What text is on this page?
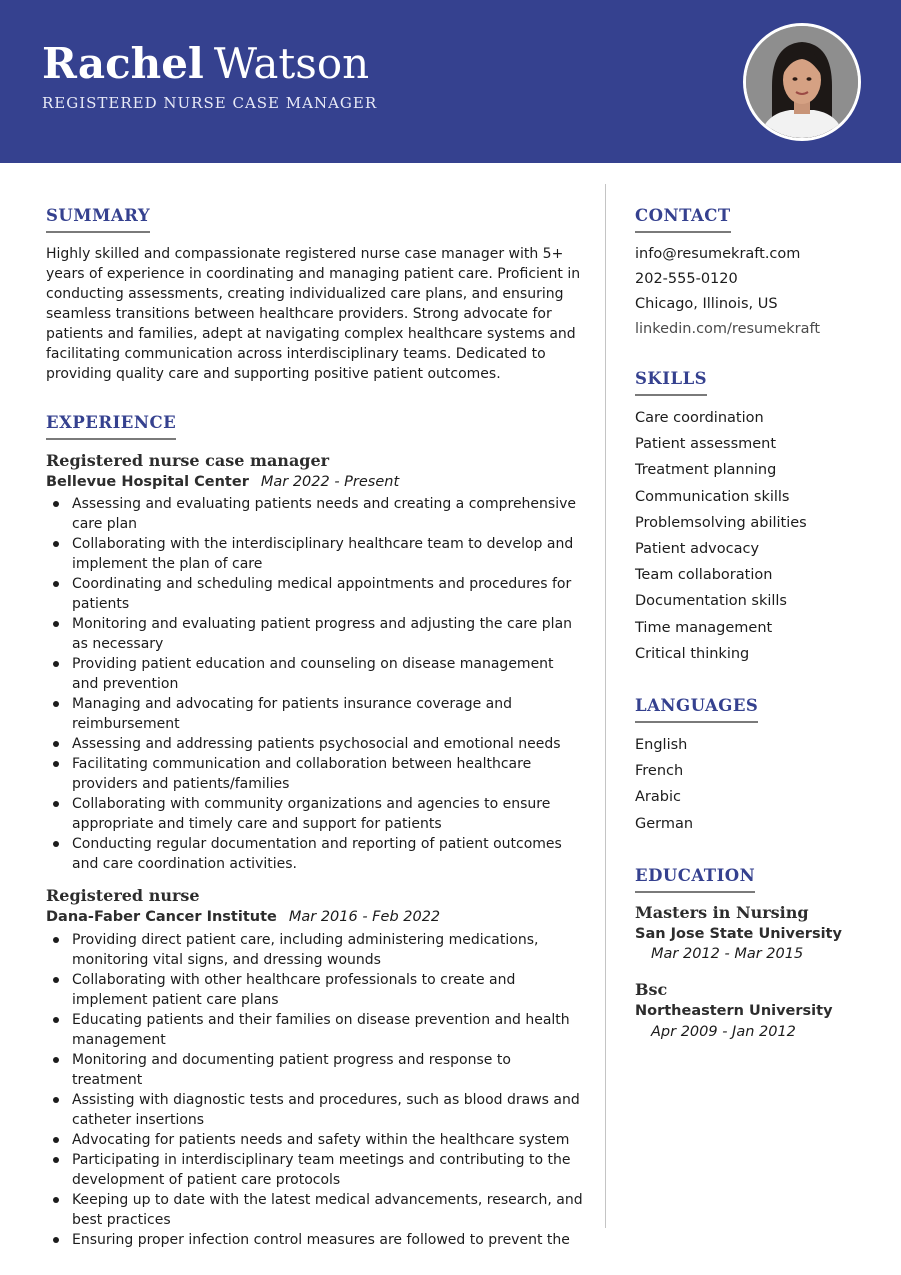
Rachel Watson
REGISTERED NURSE CASE MANAGER
SUMMARY

Highly skilled and compassionate registered nurse case manager with 5+ years of experience in coordinating and managing patient care. Proficient in conducting assessments, creating individualized care plans, and ensuring seamless transitions between healthcare providers. Strong advocate for patients and families, adept at navigating complex healthcare systems and facilitating communication across interdisciplinary teams. Dedicated to providing quality care and supporting positive patient outcomes.

EXPERIENCE
Registered nurse case manager
Bellevue Hospital Center Mar 2022 - Present
Assessing and evaluating patients needs and creating a comprehensive care plan
Collaborating with the interdisciplinary healthcare team to develop and implement the plan of care
Coordinating and scheduling medical appointments and procedures for patients
Monitoring and evaluating patient progress and adjusting the care plan as necessary
Providing patient education and counseling on disease management and prevention
Managing and advocating for patients insurance coverage and reimbursement
Assessing and addressing patients psychosocial and emotional needs
Facilitating communication and collaboration between healthcare providers and patients/families
Collaborating with community organizations and agencies to ensure appropriate and timely care and support for patients
Conducting regular documentation and reporting of patient outcomes and care coordination activities.
Registered nurse
Dana-Faber Cancer Institute Mar 2016 - Feb 2022
Providing direct patient care, including administering medications, monitoring vital signs, and dressing wounds
Collaborating with other healthcare professionals to create and implement patient care plans
Educating patients and their families on disease prevention and health management
Monitoring and documenting patient progress and response to treatment
Assisting with diagnostic tests and procedures, such as blood draws and catheter insertions
Advocating for patients needs and safety within the healthcare system
Participating in interdisciplinary team meetings and contributing to the development of patient care protocols
Keeping up to date with the latest medical advancements, research, and best practices
Ensuring proper infection control measures are followed to prevent the
CONTACT
info@resumekraft.com
202-555-0120
Chicago, Illinois, US
linkedin.com/resumekraft
SKILLS
Care coordination
Patient assessment
Treatment planning
Communication skills
Problemsolving abilities
Patient advocacy
Team collaboration
Documentation skills
Time management
Critical thinking
LANGUAGES
English
French
Arabic
German
EDUCATION
Masters in Nursing
San Jose State University
Mar 2012 - Mar 2015
Bsc
Northeastern University
Apr 2009 - Jan 2012
